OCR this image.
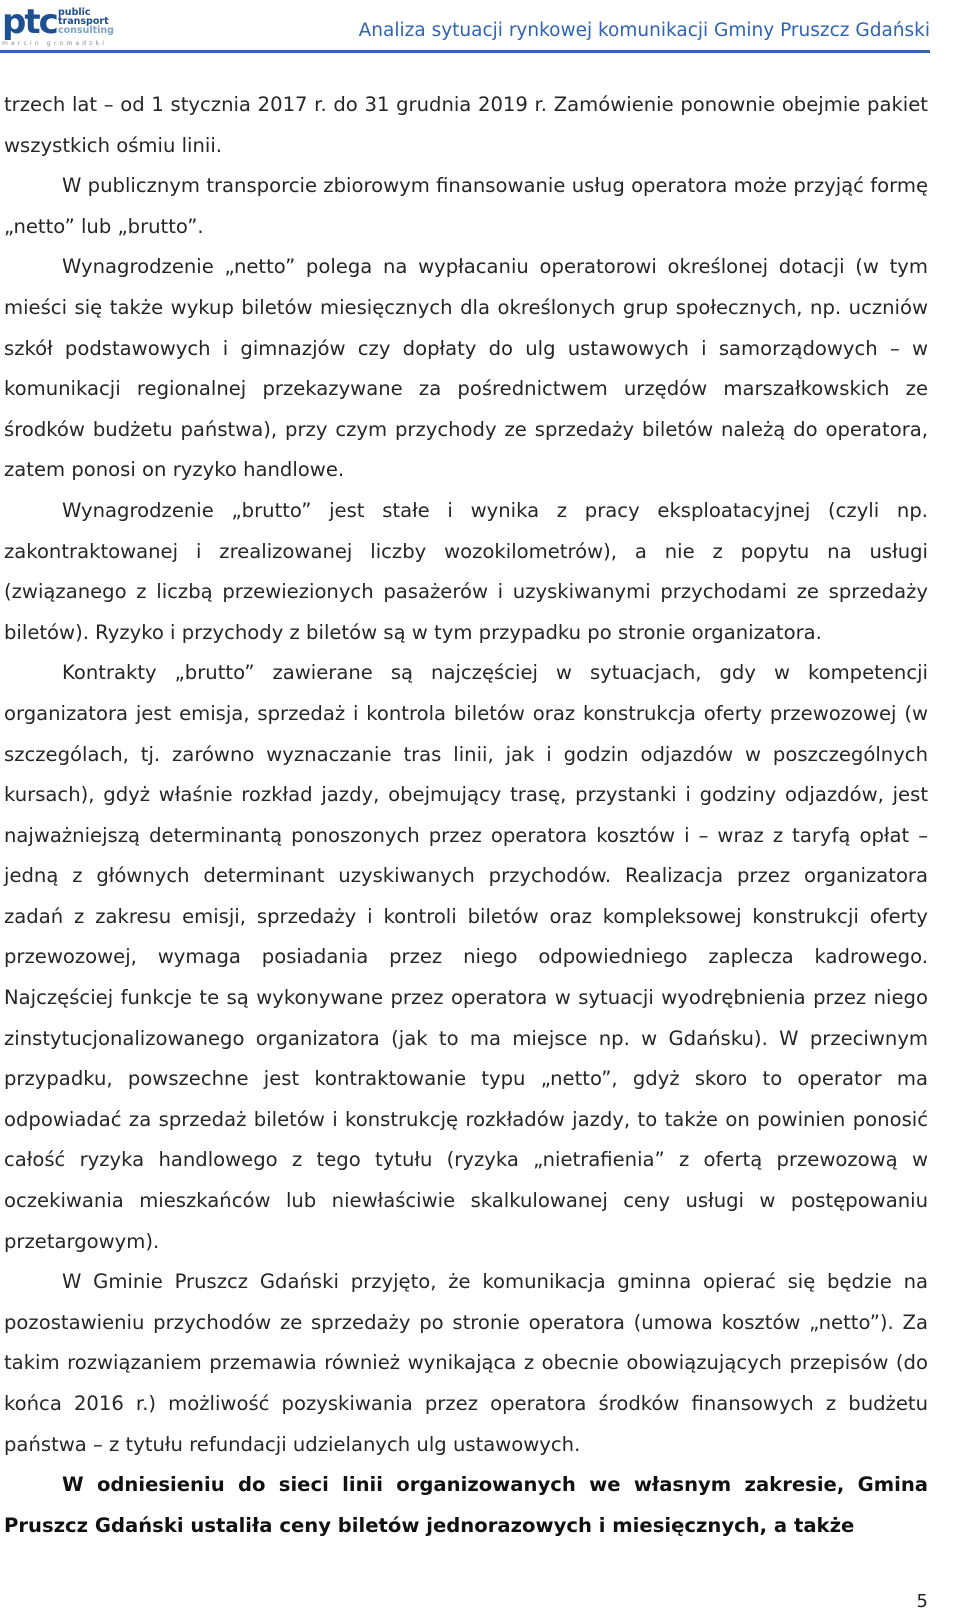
ptc public
transport
consulting
marcin gromadzki
Analiza sytuacji rynkowej komunikacji Gminy Pruszcz Gdański

trzech lat – od 1 stycznia 2017 r. do 31 grudnia 2019 r. Zamówienie ponownie obejmie pakiet wszystkich ośmiu linii.

W publicznym transporcie zbiorowym finansowanie usług operatora może przyjąć formę „netto” lub „brutto”.

Wynagrodzenie „netto” polega na wypłacaniu operatorowi określonej dotacji (w tym mieści się także wykup biletów miesięcznych dla określonych grup społecznych, np. uczniów szkół podstawowych i gimnazjów czy dopłaty do ulg ustawowych i samorządowych – w komunikacji regionalnej przekazywane za pośrednictwem urzędów marszałkowskich ze środków budżetu państwa), przy czym przychody ze sprzedaży biletów należą do operatora, zatem ponosi on ryzyko handlowe.

Wynagrodzenie „brutto” jest stałe i wynika z pracy eksploatacyjnej (czyli np. zakontraktowanej i zrealizowanej liczby wozokilometrów), a nie z popytu na usługi (związanego z liczbą przewiezionych pasażerów i uzyskiwanymi przychodami ze sprzedaży biletów). Ryzyko i przychody z biletów są w tym przypadku po stronie organizatora.

Kontrakty „brutto” zawierane są najczęściej w sytuacjach, gdy w kompetencji organizatora jest emisja, sprzedaż i kontrola biletów oraz konstrukcja oferty przewozowej (w szczególach, tj. zarówno wyznaczanie tras linii, jak i godzin odjazdów w poszczególnych kursach), gdyż właśnie rozkład jazdy, obejmujący trasę, przystanki i godziny odjazdów, jest najważniejszą determinantą ponoszonych przez operatora kosztów i – wraz z taryfą opłat – jedną z głównych determinant uzyskiwanych przychodów. Realizacja przez organizatora zadań z zakresu emisji, sprzedaży i kontroli biletów oraz kompleksowej konstrukcji oferty przewozowej, wymaga posiadania przez niego odpowiedniego zaplecza kadrowego. Najczęściej funkcje te są wykonywane przez operatora w sytuacji wyodrębnienia przez niego zinstytucjonalizowanego organizatora (jak to ma miejsce np. w Gdańsku). W przeciwnym przypadku, powszechne jest kontraktowanie typu „netto”, gdyż skoro to operator ma odpowiadać za sprzedaż biletów i konstrukcję rozkładów jazdy, to także on powinien ponosić całość ryzyka handlowego z tego tytułu (ryzyka „nietrafienia” z ofertą przewozową w oczekiwania mieszkańców lub niewłaściwie skalkulowanej ceny usługi w postępowaniu przetargowym).

W Gminie Pruszcz Gdański przyjęto, że komunikacja gminna opierać się będzie na pozostawieniu przychodów ze sprzedaży po stronie operatora (umowa kosztów „netto”). Za takim rozwiązaniem przemawia również wynikająca z obecnie obowiązujących przepisów (do końca 2016 r.) możliwość pozyskiwania przez operatora środków finansowych z budżetu państwa – z tytułu refundacji udzielanych ulg ustawowych.

W odniesieniu do sieci linii organizowanych we własnym zakresie, Gmina Pruszcz Gdański ustaliła ceny biletów jednorazowych i miesięcznych, a także

5
